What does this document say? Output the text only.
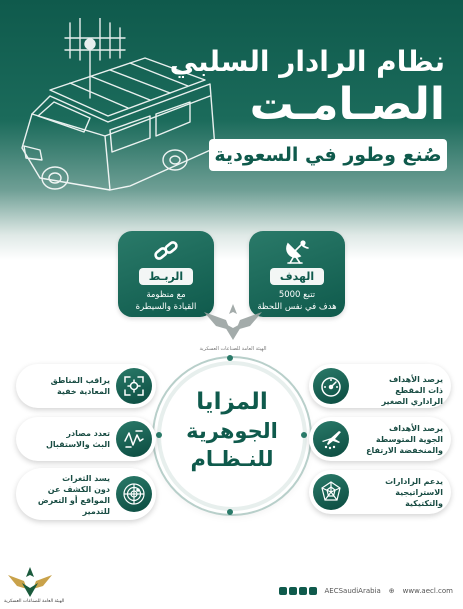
نظام الرادار السلبي
الصـامـت
صُنع وطور في السعودية
الهدف
تتبع 5000
هدف في نفس اللحظة
الربـط
مع منظومة
القيادة والسيطرة
الهيئة العامة للصناعات العسكرية
المزايا
الجوهرية
للنـظـام
يرصد الأهداف
ذات المقطع
الراداري الصغير
يرصد الأهداف
الجوية المتوسطة
والمنخفضة الارتفاع
يدعم الرادارات
الاستراتيجية
والتكتيكية
يراقب المناطق
المعادية خفية
تعدد مصادر
البث والاستقبال
يسد الثغرات
دون الكشف عن
المواقع أو التعرض
للتدمير
الهيئة العامة للصناعات العسكرية
AECSaudiArabia ⊕ www.aecl.com
